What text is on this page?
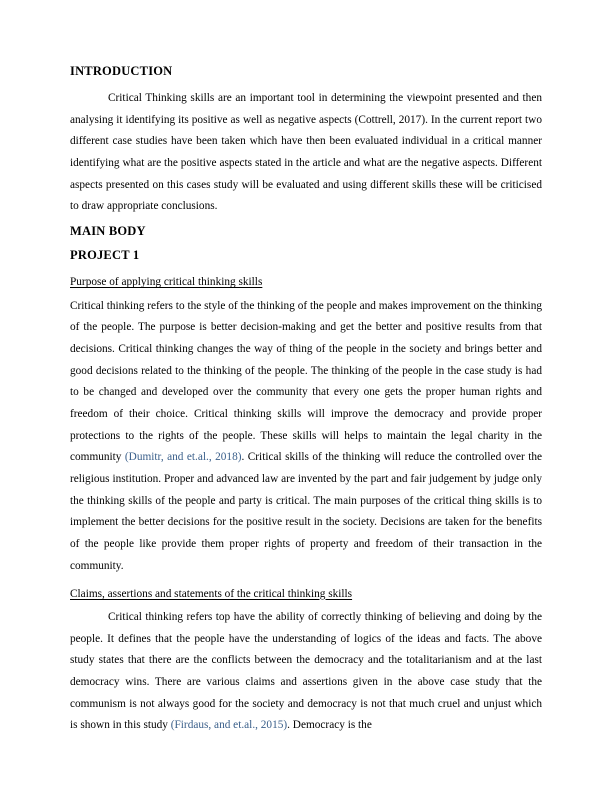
INTRODUCTION

Critical Thinking skills are an important tool in determining the viewpoint presented and then analysing it identifying its positive as well as negative aspects (Cottrell, 2017). In the current report two different case studies have been taken which have then been evaluated individual in a critical manner identifying what are the positive aspects stated in the article and what are the negative aspects. Different aspects presented on this cases study will be evaluated and using different skills these will be criticised to draw appropriate conclusions.

MAIN BODY
PROJECT 1
Purpose of applying critical thinking skills

Critical thinking refers to the style of the thinking of the people and makes improvement on the thinking of the people. The purpose is better decision-making and get the better and positive results from that decisions. Critical thinking changes the way of thing of the people in the society and brings better and good decisions related to the thinking of the people. The thinking of the people in the case study is had to be changed and developed over the community that every one gets the proper human rights and freedom of their choice. Critical thinking skills will improve the democracy and provide proper protections to the rights of the people. These skills will helps to maintain the legal charity in the community (Dumitr, and et.al., 2018). Critical skills of the thinking will reduce the controlled over the religious institution. Proper and advanced law are invented by the part and fair judgement by judge only the thinking skills of the people and party is critical. The main purposes of the critical thing skills is to implement the better decisions for the positive result in the society. Decisions are taken for the benefits of the people like provide them proper rights of property and freedom of their transaction in the community.

Claims, assertions and statements of the critical thinking skills

Critical thinking refers top have the ability of correctly thinking of believing and doing by the people. It defines that the people have the understanding of logics of the ideas and facts. The above study states that there are the conflicts between the democracy and the totalitarianism and at the last democracy wins. There are various claims and assertions given in the above case study that the communism is not always good for the society and democracy is not that much cruel and unjust which is shown in this study (Firdaus, and et.al., 2015). Democracy is the
